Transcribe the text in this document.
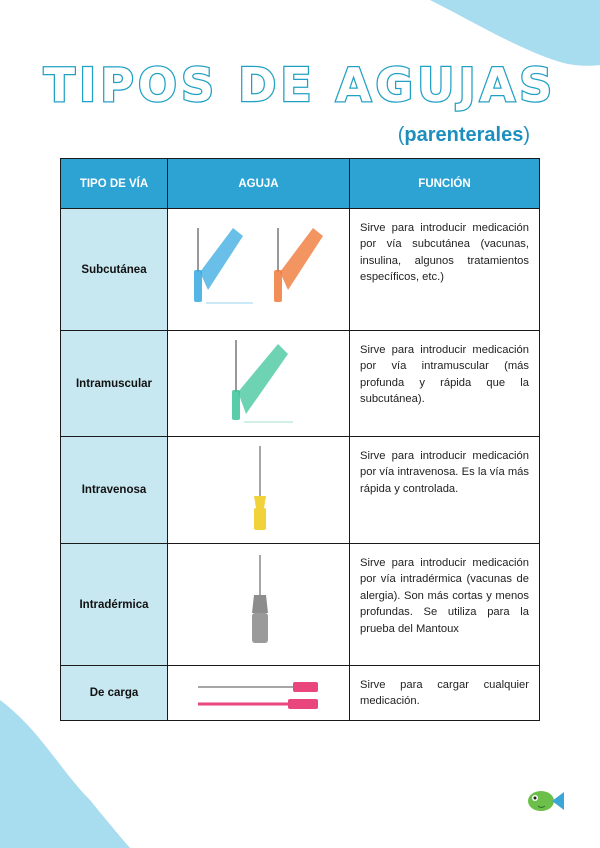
TIPOS DE AGUJAS
(parenterales)
TIPO DE VÍA	AGUJA	FUNCIÓN
Subcutánea		Sirve para introducir medicación por vía subcutánea (vacunas, insulina, algunos tratamientos específicos, etc.)
Intramuscular		Sirve para introducir medicación por vía intramuscular (más profunda y rápida que la subcutánea).
Intravenosa		Sirve para introducir medicación por vía intravenosa. Es la vía más rápida y controlada.
Intradérmica		Sirve para introducir medicación por vía intradérmica (vacunas de alergia). Son más cortas y menos profundas. Se utiliza para la prueba del Mantoux
De carga		Sirve para cargar cualquier medicación.
